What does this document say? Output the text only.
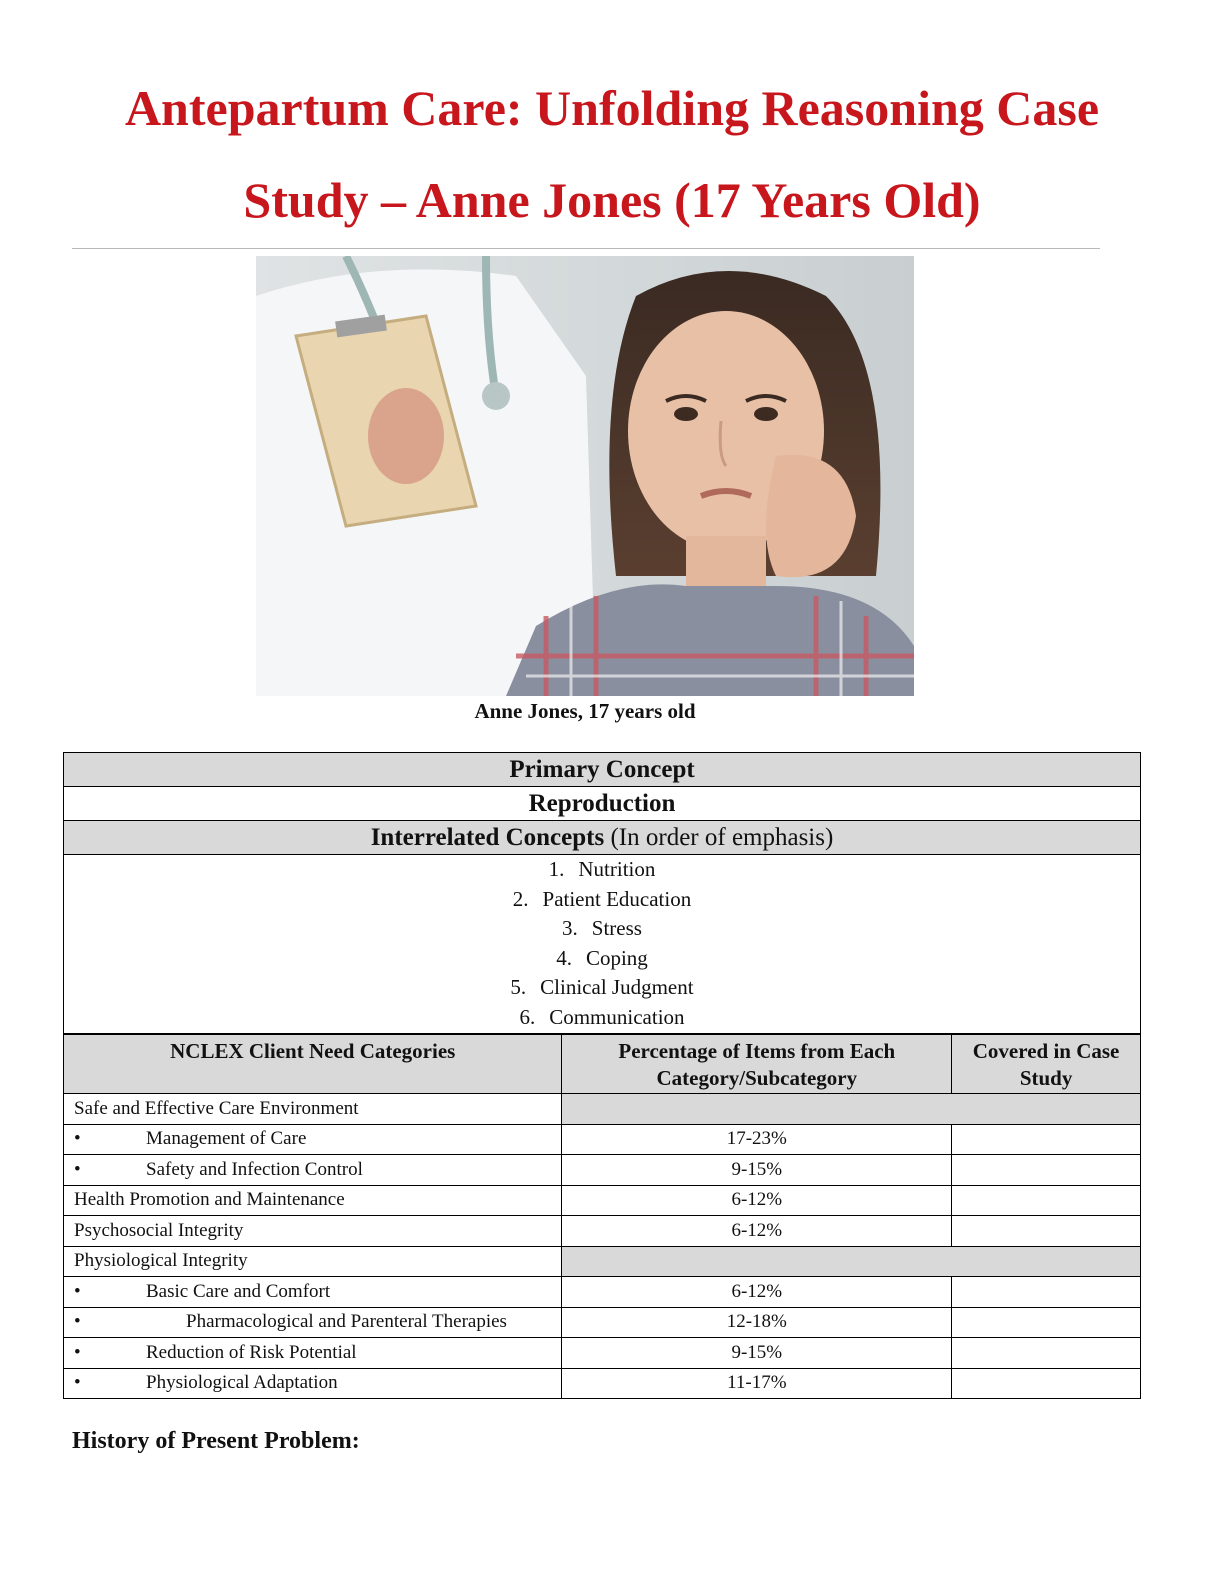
Antepartum Care: Unfolding Reasoning Case
Study – Anne Jones (17 Years Old)
Anne Jones, 17 years old
Primary Concept
Reproduction
Interrelated Concepts (In order of emphasis)
1. Nutrition
2. Patient Education
3. Stress
4. Coping
5. Clinical Judgment
6. Communication
NCLEX Client Need Categories	Percentage of Items from Each Category/Subcategory	Covered in Case Study
Safe and Effective Care Environment		
• Management of Care	17-23%	
• Safety and Infection Control	9-15%	
Health Promotion and Maintenance	6-12%	
Psychosocial Integrity	6-12%	
Physiological Integrity		
• Basic Care and Comfort	6-12%	
• Pharmacological and Parenteral Therapies	12-18%	
• Reduction of Risk Potential	9-15%	
• Physiological Adaptation	11-17%	
History of Present Problem:
